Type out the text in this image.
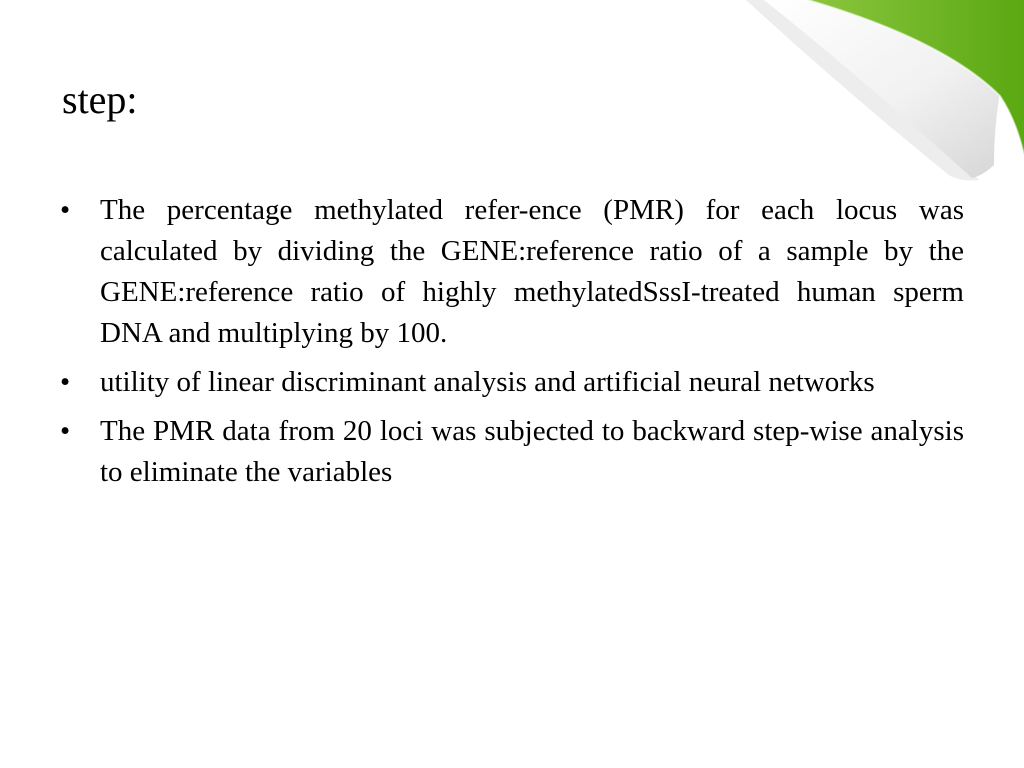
step:
•	The percentage methylated refer-ence (PMR) for each locus was calculated by dividing the GENE:reference ratio of a sample by the GENE:reference ratio of highly methylatedSssI-treated human sperm DNA and multiplying by 100.
•	utility of linear discriminant analysis and artificial neural networks
•	The PMR data from 20 loci was subjected to backward step-wise analysis to eliminate the variables
